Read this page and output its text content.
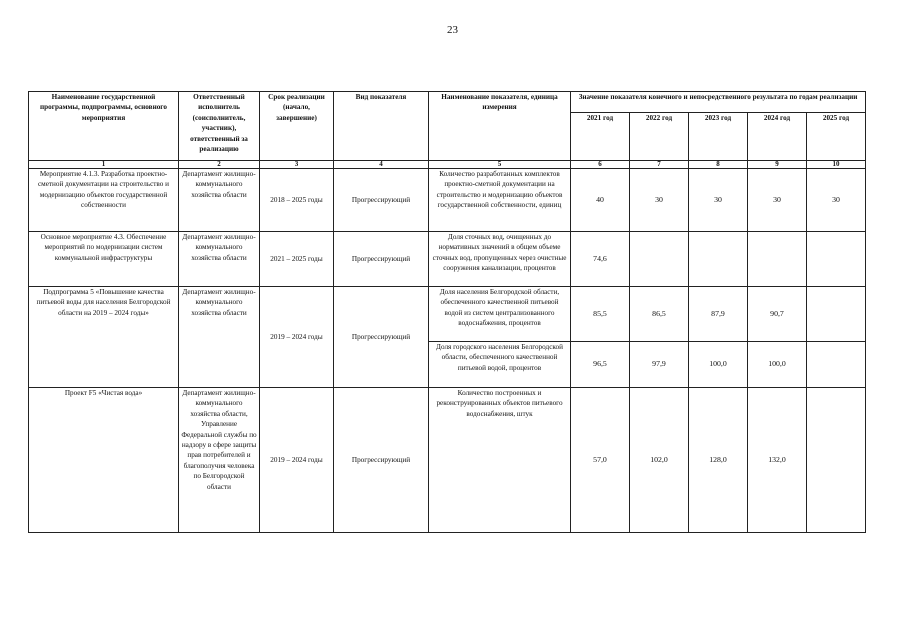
23
Наименование государственной программы, подпрограммы, основного мероприятия	Ответственный исполнитель (соисполнитель, участник), ответственный за реализацию	Срок реализации (начало, завершение)	Вид показателя	Наименование показателя, единица измерения	Значение показателя конечного и непосредственного результата по годам реализации				
					2021 год	2022 год	2023 год	2024 год	2025 год
1	2	3	4	5	6	7	8	9	10
Мероприятие 4.1.3. Разработка проектно-сметной документации на строительство и модернизацию объектов государственной собственности	Департамент жилищно-коммунального хозяйства области	2018 – 2025 годы	Прогрессирующий	Количество разработанных комплектов проектно-сметной документации на строительство и модернизацию объектов государственной собственности, единиц	40	30	30	30	30
Основное мероприятие 4.3. Обеспечение мероприятий по модернизации систем коммунальной инфраструктуры	Департамент жилищно-коммунального хозяйства области	2021 – 2025 годы	Прогрессирующий	Доля сточных вод, очищенных до нормативных значений в общем объеме сточных вод, пропущенных через очистные сооружения канализации, процентов	74,6				
Подпрограмма 5 «Повышение качества питьевой воды для населения Белгородской области на 2019 – 2024 годы»	Департамент жилищно-коммунального хозяйства области	2019 – 2024 годы	Прогрессирующий	Доля населения Белгородской области, обеспеченного качественной питьевой водой из систем централизованного водоснабжения, процентов	85,5	86,5	87,9	90,7	
				Доля городского населения Белгородской области, обеспеченного качественной питьевой водой, процентов	96,5	97,9	100,0	100,0	
Проект F5 «Чистая вода»	Департамент жилищно-коммунального хозяйства области, Управление Федеральной службы по надзору в сфере защиты прав потребителей и благополучия человека по Белгородской области	2019 – 2024 годы	Прогрессирующий	Количество построенных и реконструированных объектов питьевого водоснабжения, штук	57,0	102,0	128,0	132,0	
